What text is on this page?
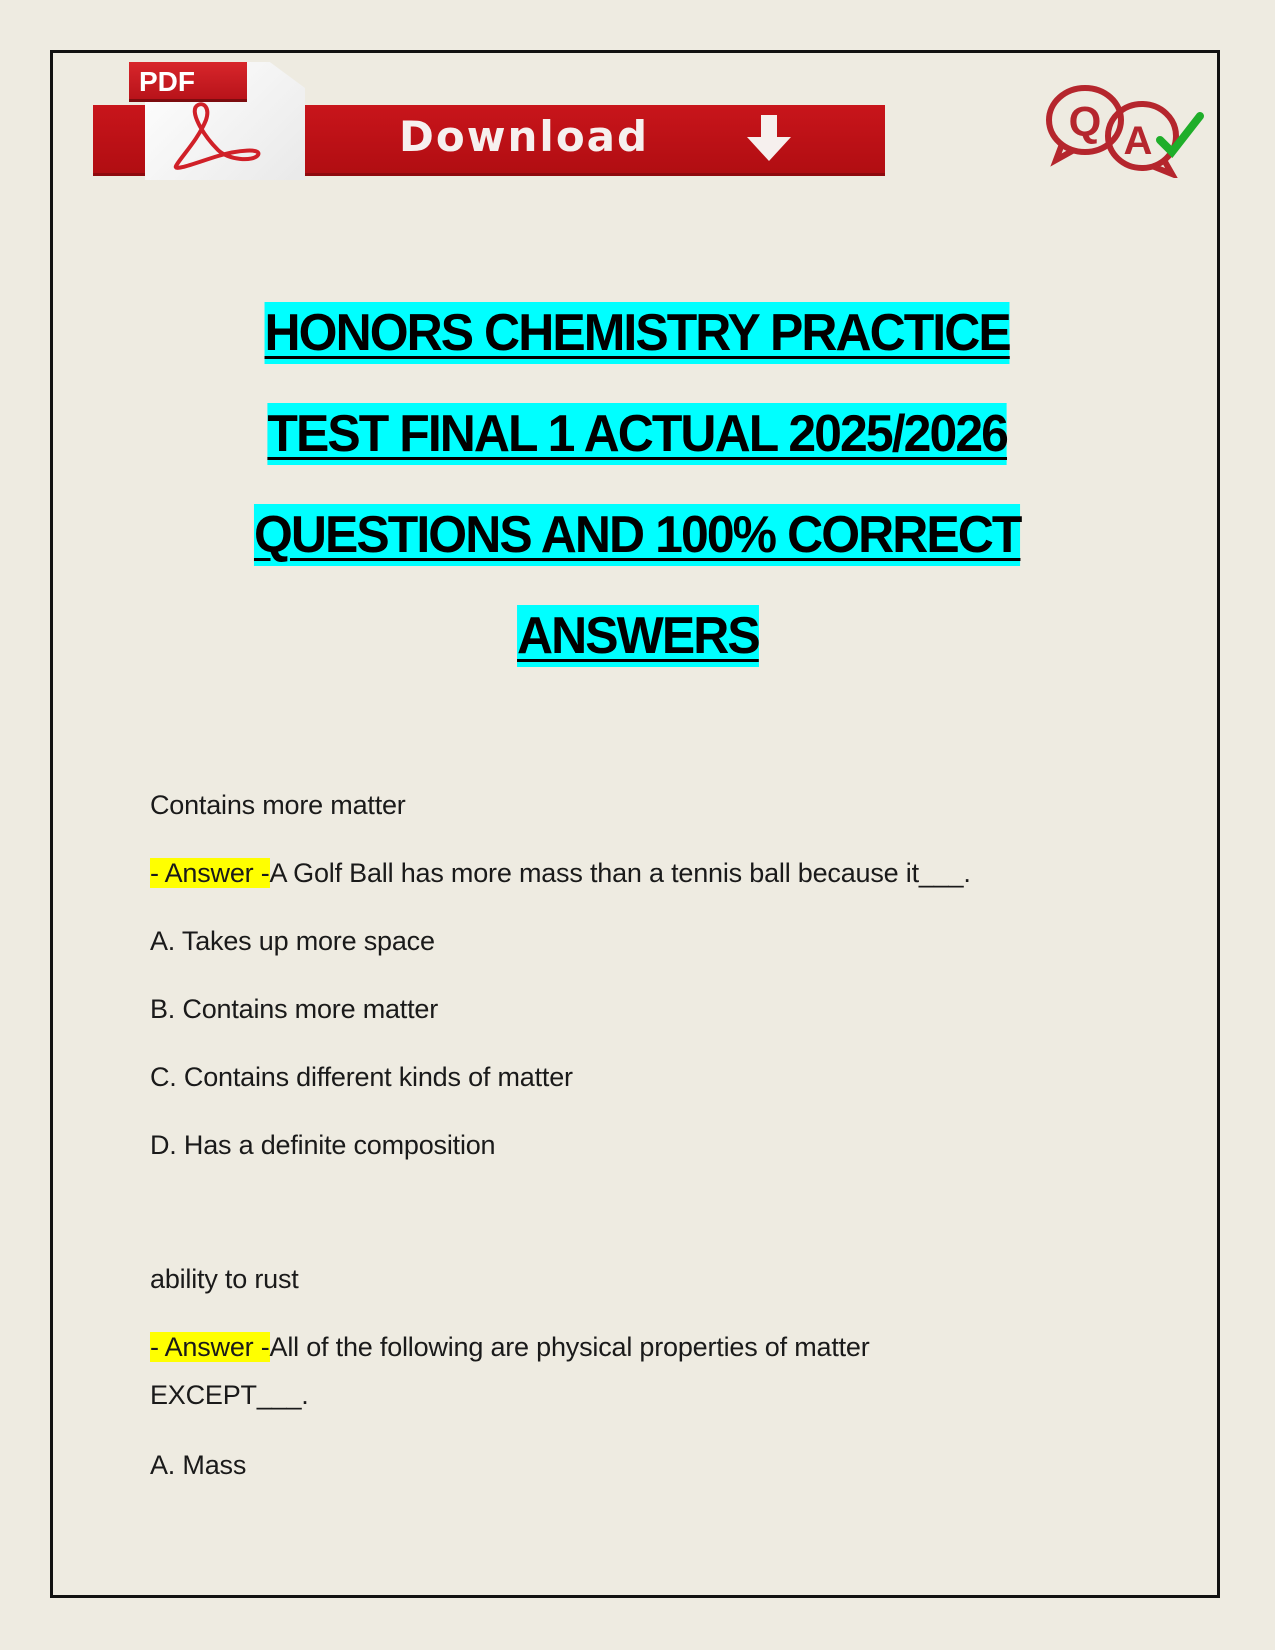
PDF
Download	Q A
HONORS CHEMISTRY PRACTICE
TEST FINAL 1 ACTUAL 2025/2026
QUESTIONS AND 100% CORRECT
ANSWERS
Contains more matter
- Answer -A Golf Ball has more mass than a tennis ball because it___.
A. Takes up more space
B. Contains more matter
C. Contains different kinds of matter
D. Has a definite composition
ability to rust
- Answer -All of the following are physical properties of matter
EXCEPT___.
A. Mass
